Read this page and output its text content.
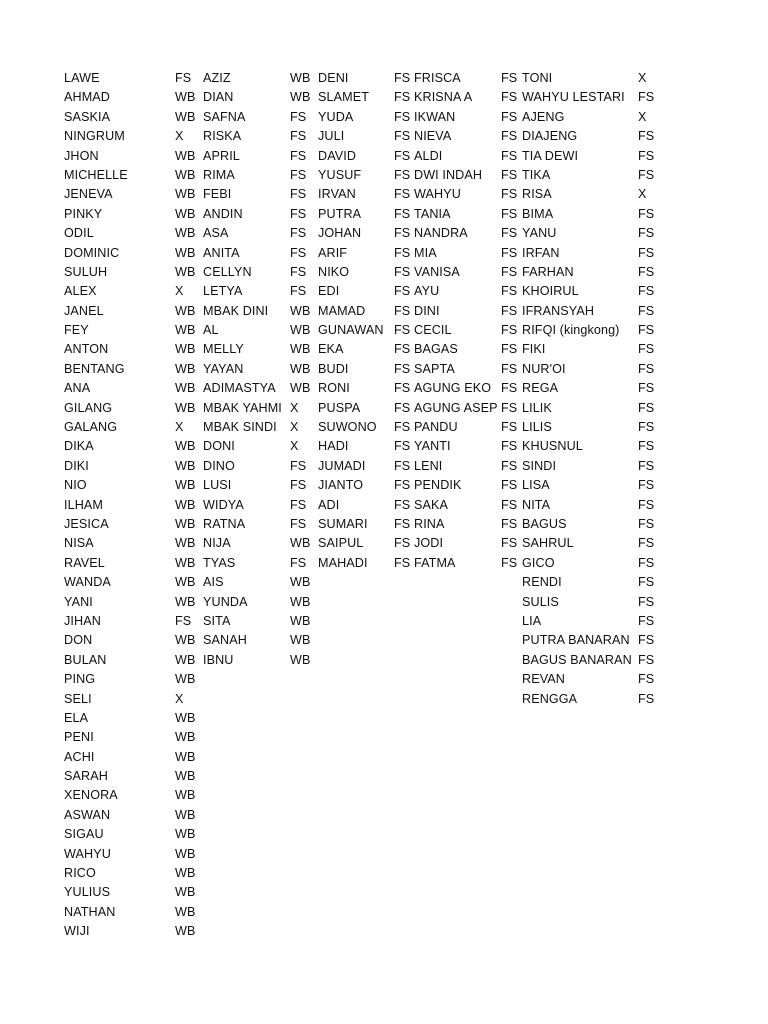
LAWE
AHMAD
SASKIA
NINGRUM
JHON
MICHELLE
JENEVA
PINKY
ODIL
DOMINIC
SULUH
ALEX
JANEL
FEY
ANTON
BENTANG
ANA
GILANG
GALANG
DIKA
DIKI
NIO
ILHAM
JESICA
NISA
RAVEL
WANDA
YANI
JIHAN
DON
BULAN
PING
SELI
ELA
PENI
ACHI
SARAH
XENORA
ASWAN
SIGAU
WAHYU
RICO
YULIUS
NATHAN
WIJI
FS
WB
WB
X
WB
WB
WB
WB
WB
WB
WB
X
WB
WB
WB
WB
WB
WB
X
WB
WB
WB
WB
WB
WB
WB
WB
WB
FS
WB
WB
WB
X
WB
WB
WB
WB
WB
WB
WB
WB
WB
WB
WB
WB
AZIZ
DIAN
SAFNA
RISKA
APRIL
RIMA
FEBI
ANDIN
ASA
ANITA
CELLYN
LETYA
MBAK DINI
AL
MELLY
YAYAN
ADIMASTYA
MBAK YAHMI
MBAK SINDI
DONI
DINO
LUSI
WIDYA
RATNA
NIJA
TYAS
AIS
YUNDA
SITA
SANAH
IBNU
WB
WB
FS
FS
FS
FS
FS
FS
FS
FS
FS
FS
WB
WB
WB
WB
WB
X
X
X
FS
FS
FS
FS
WB
FS
WB
WB
WB
WB
WB
DENI
SLAMET
YUDA
JULI
DAVID
YUSUF
IRVAN
PUTRA
JOHAN
ARIF
NIKO
EDI
MAMAD
GUNAWAN
EKA
BUDI
RONI
PUSPA
SUWONO
HADI
JUMADI
JIANTO
ADI
SUMARI
SAIPUL
MAHADI
FS
FS
FS
FS
FS
FS
FS
FS
FS
FS
FS
FS
FS
FS
FS
FS
FS
FS
FS
FS
FS
FS
FS
FS
FS
FS
FRISCA
KRISNA A
IKWAN
NIEVA
ALDI
DWI INDAH
WAHYU
TANIA
NANDRA
MIA
VANISA
AYU
DINI
CECIL
BAGAS
SAPTA
AGUNG EKO
AGUNG ASEP
PANDU
YANTI
LENI
PENDIK
SAKA
RINA
JODI
FATMA
FS
FS
FS
FS
FS
FS
FS
FS
FS
FS
FS
FS
FS
FS
FS
FS
FS
FS
FS
FS
FS
FS
FS
FS
FS
FS
TONI
WAHYU LESTARI
AJENG
DIAJENG
TIA DEWI
TIKA
RISA
BIMA
YANU
IRFAN
FARHAN
KHOIRUL
IFRANSYAH
RIFQI (kingkong)
FIKI
NUR'OI
REGA
LILIK
LILIS
KHUSNUL
SINDI
LISA
NITA
BAGUS
SAHRUL
GICO
RENDI
SULIS
LIA
PUTRA BANARAN
BAGUS BANARAN
REVAN
RENGGA
X
FS
X
FS
FS
FS
X
FS
FS
FS
FS
FS
FS
FS
FS
FS
FS
FS
FS
FS
FS
FS
FS
FS
FS
FS
FS
FS
FS
FS
FS
FS
FS
